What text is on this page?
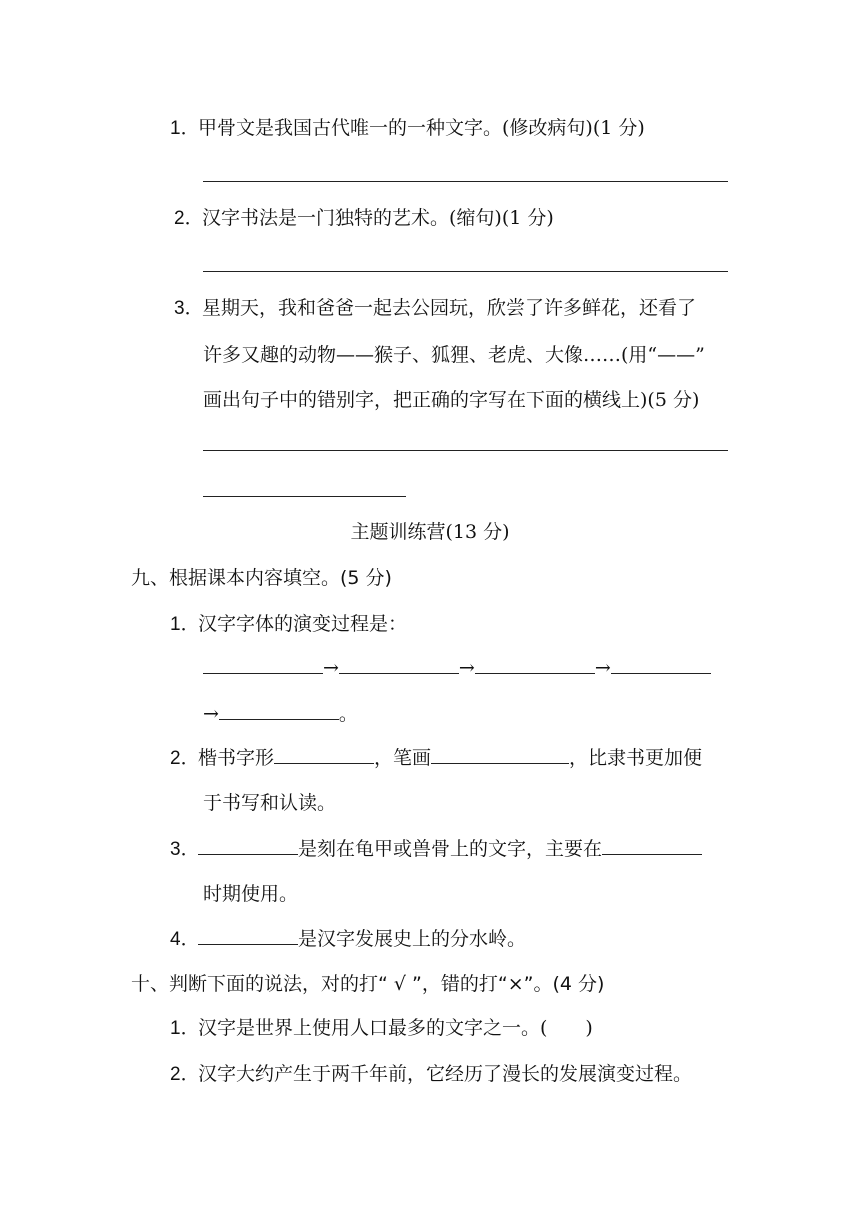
1．甲骨文是我国古代唯一的一种文字。(修改病句)(1 分)
2．汉字书法是一门独特的艺术。(缩句)(1 分)
3．星期天，我和爸爸一起去公园玩，欣尝了许多鲜花，还看了
许多又趣的动物——猴子、狐狸、老虎、大像……(用“——”
画出句子中的错别字，把正确的字写在下面的横线上)(5 分)
主题训练营(13 分)
九、根据课本内容填空。(5 分)
1．汉字字体的演变过程是：
→	→	→
→	。
2．楷书字形	，笔画	，比隶书更加便
于书写和认读。
3．	是刻在龟甲或兽骨上的文字，主要在
时期使用。
4．	是汉字发展史上的分水岭。
十、判断下面的说法，对的打“ √ ”，错的打“×”。(4 分)
1．汉字是世界上使用人口最多的文字之一。(　　)
2．汉字大约产生于两千年前，它经历了漫长的发展演变过程。
